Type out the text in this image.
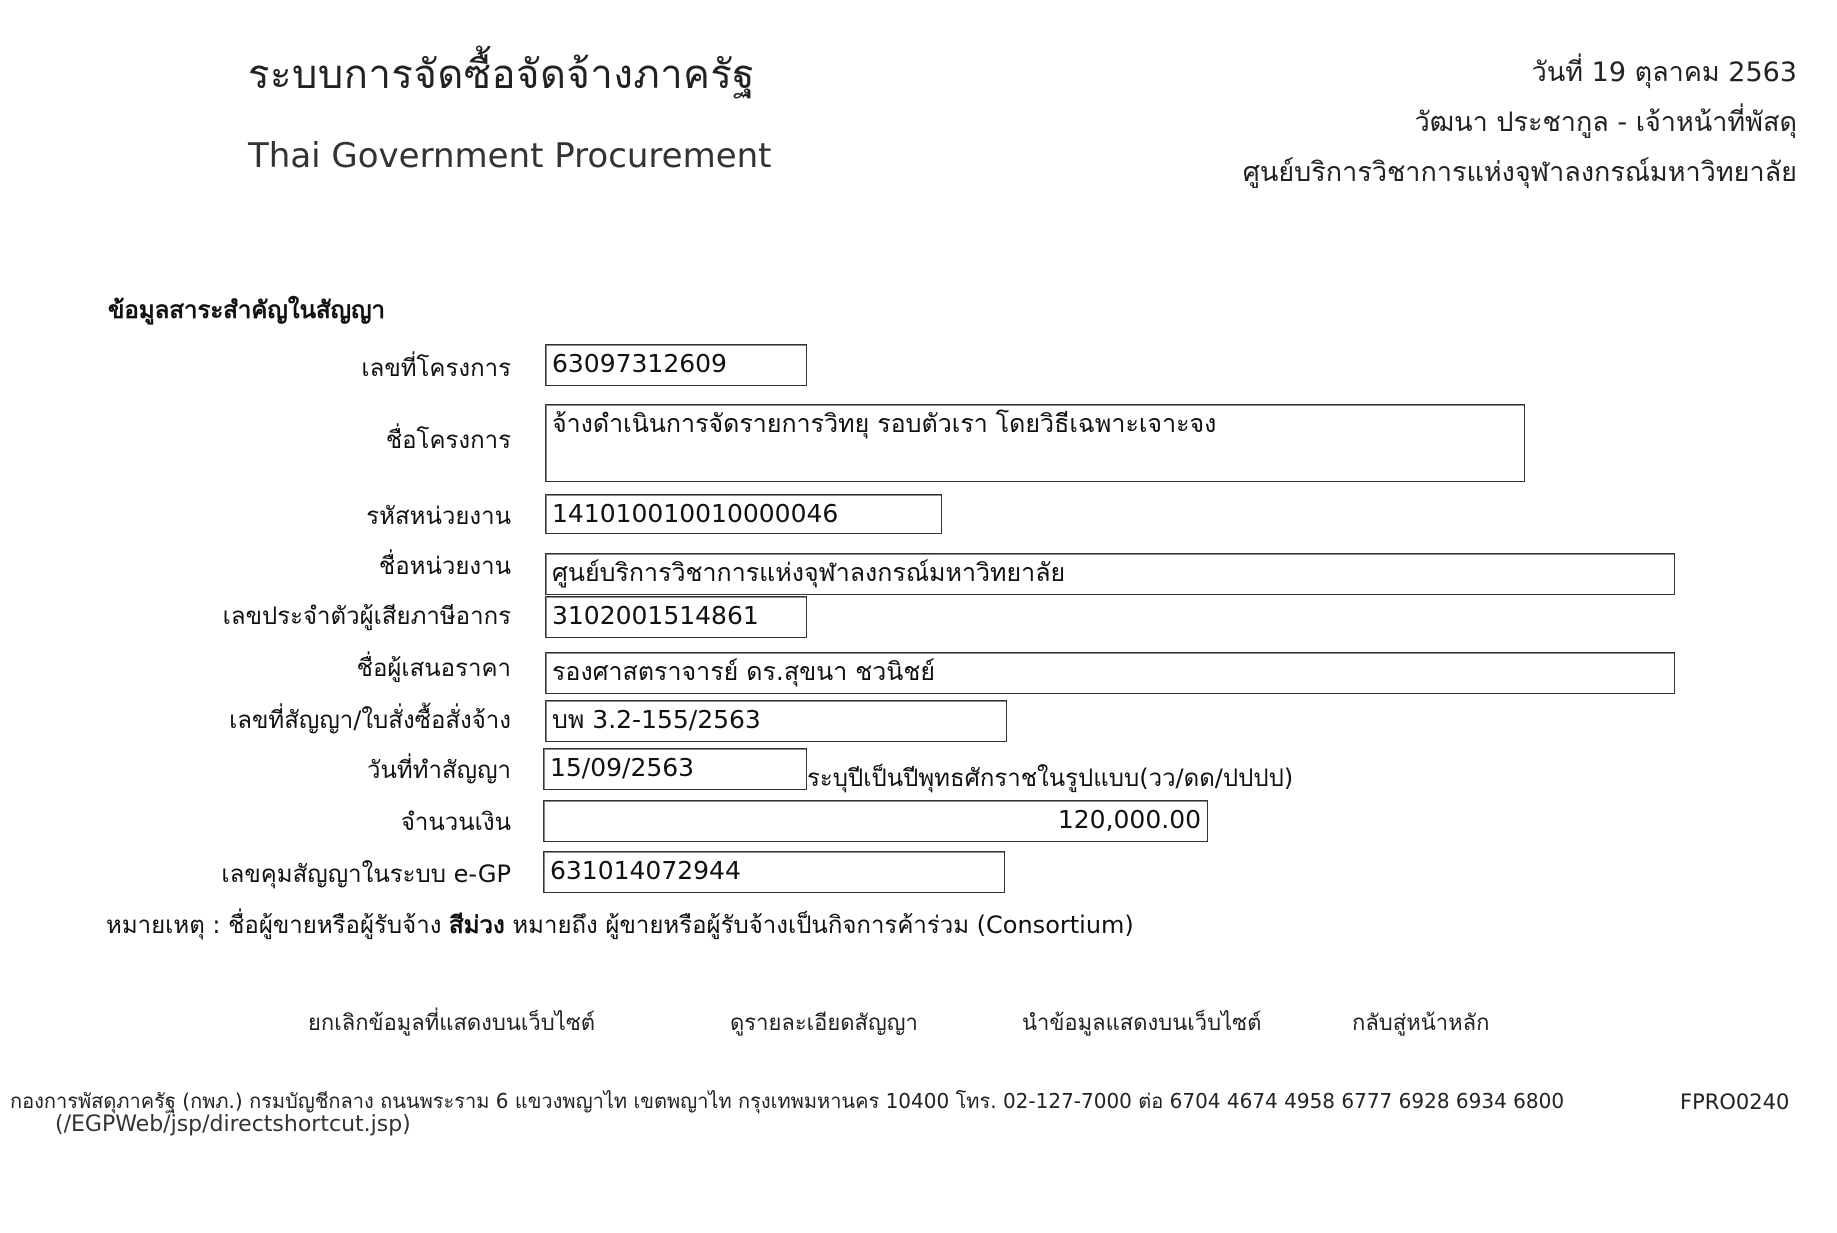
ระบบการจัดซื้อจัดจ้างภาครัฐ
Thai Government Procurement
วันที่ 19 ตุลาคม 2563
วัฒนา ประชากูล - เจ้าหน้าที่พัสดุ
ศูนย์บริการวิชาการแห่งจุฬาลงกรณ์มหาวิทยาลัย
ข้อมูลสาระสำคัญในสัญญา
เลขที่โครงการ 63097312609
ชื่อโครงการ
จ้างดำเนินการจัดรายการวิทยุ รอบตัวเรา โดยวิธีเฉพาะเจาะจง
รหัสหน่วยงาน 141010010010000046
ชื่อหน่วยงาน ศูนย์บริการวิชาการแห่งจุฬาลงกรณ์มหาวิทยาลัย
เลขประจำตัวผู้เสียภาษีอากร 3102001514861
ชื่อผู้เสนอราคา รองศาสตราจารย์ ดร.สุขนา ชวนิชย์
เลขที่สัญญา/ใบสั่งซื้อสั่งจ้าง บพ 3.2-155/2563
วันที่ทำสัญญา 15/09/2563	ระบุปีเป็นปีพุทธศักราชในรูปแบบ(วว/ดด/ปปปป)
จำนวนเงิน	120,000.00
เลขคุมสัญญาในระบบ e-GP 631014072944
หมายเหตุ : ชื่อผู้ขายหรือผู้รับจ้าง สีม่วง หมายถึง ผู้ขายหรือผู้รับจ้างเป็นกิจการค้าร่วม (Consortium)
ยกเลิกข้อมูลที่แสดงบนเว็บไซต์	ดูรายละเอียดสัญญา	นำข้อมูลแสดงบนเว็บไซต์	กลับสู่หน้าหลัก
กองการพัสดุภาครัฐ (กพภ.) กรมบัญชีกลาง ถนนพระราม 6 แขวงพญาไท เขตพญาไท กรุงเทพมหานคร 10400 โทร. 02-127-7000 ต่อ 6704 4674 4958 6777 6928 6934 6800	FPRO0240
(/EGPWeb/jsp/directshortcut.jsp)
